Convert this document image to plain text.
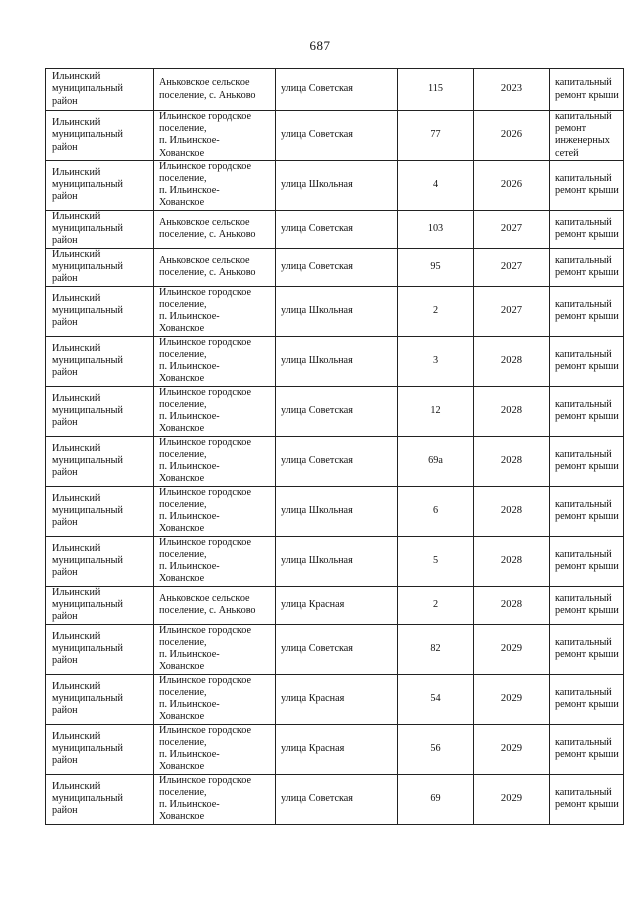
687
Ильинский
муниципальный
район	Аньковское сельское
поселение, с. Аньково	улица Советская	115	2023	капитальный
ремонт крыши
Ильинский
муниципальный
район	Ильинское городское
поселение,
п. Ильинское-
Хованское	улица Советская	77	2026	капитальный
ремонт
инженерных
сетей
Ильинский
муниципальный
район	Ильинское городское
поселение,
п. Ильинское-
Хованское	улица Школьная	4	2026	капитальный
ремонт крыши
Ильинский
муниципальный
район	Аньковское сельское
поселение, с. Аньково	улица Советская	103	2027	капитальный
ремонт крыши
Ильинский
муниципальный
район	Аньковское сельское
поселение, с. Аньково	улица Советская	95	2027	капитальный
ремонт крыши
Ильинский
муниципальный
район	Ильинское городское
поселение,
п. Ильинское-
Хованское	улица Школьная	2	2027	капитальный
ремонт крыши
Ильинский
муниципальный
район	Ильинское городское
поселение,
п. Ильинское-
Хованское	улица Школьная	3	2028	капитальный
ремонт крыши
Ильинский
муниципальный
район	Ильинское городское
поселение,
п. Ильинское-
Хованское	улица Советская	12	2028	капитальный
ремонт крыши
Ильинский
муниципальный
район	Ильинское городское
поселение,
п. Ильинское-
Хованское	улица Советская	69а	2028	капитальный
ремонт крыши
Ильинский
муниципальный
район	Ильинское городское
поселение,
п. Ильинское-
Хованское	улица Школьная	6	2028	капитальный
ремонт крыши
Ильинский
муниципальный
район	Ильинское городское
поселение,
п. Ильинское-
Хованское	улица Школьная	5	2028	капитальный
ремонт крыши
Ильинский
муниципальный
район	Аньковское сельское
поселение, с. Аньково	улица Красная	2	2028	капитальный
ремонт крыши
Ильинский
муниципальный
район	Ильинское городское
поселение,
п. Ильинское-
Хованское	улица Советская	82	2029	капитальный
ремонт крыши
Ильинский
муниципальный
район	Ильинское городское
поселение,
п. Ильинское-
Хованское	улица Красная	54	2029	капитальный
ремонт крыши
Ильинский
муниципальный
район	Ильинское городское
поселение,
п. Ильинское-
Хованское	улица Красная	56	2029	капитальный
ремонт крыши
Ильинский
муниципальный
район	Ильинское городское
поселение,
п. Ильинское-
Хованское	улица Советская	69	2029	капитальный
ремонт крыши
